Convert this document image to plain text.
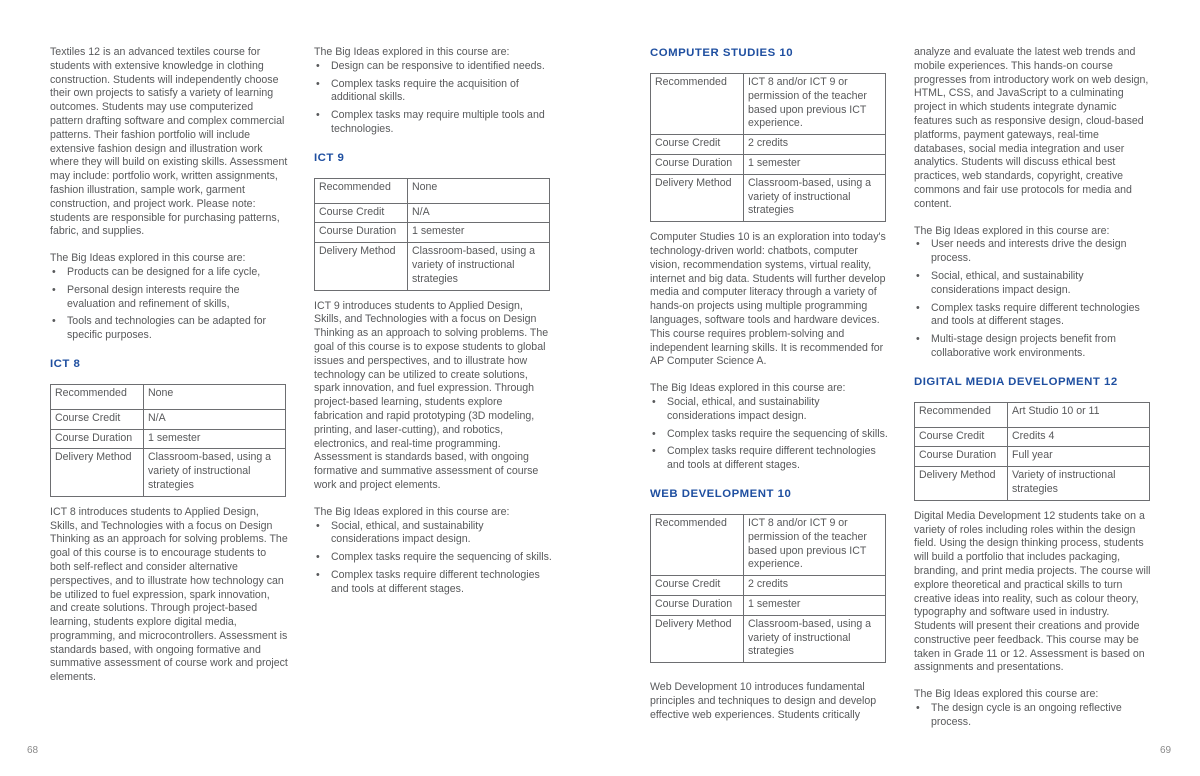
Textiles 12 is an advanced textiles course for students with extensive knowledge in clothing construction. Students will independently choose their own projects to satisfy a variety of learning outcomes. Students may use computerized pattern drafting software and complex commercial patterns. Their fashion portfolio will include extensive fashion design and illustration work where they will build on existing skills. Assessment may include: portfolio work, written assignments, fashion illustration, sample work, garment construction, and project work. Please note: students are responsible for purchasing patterns, fabric, and supplies.

The Big Ideas explored in this course are:

• Products can be designed for a life cycle,
• Personal design interests require the evaluation and refinement of skills,
• Tools and technologies can be adapted for specific purposes.
ICT 8
Recommended	None
Course Credit	N/A
Course Duration	1 semester
Delivery Method	Classroom-based, using a variety of instructional strategies

ICT 8 introduces students to Applied Design, Skills, and Technologies with a focus on Design Thinking as an approach for solving problems. The goal of this course is to encourage students to both self-reflect and consider alternative perspectives, and to illustrate how technology can be utilized to fuel expression, spark innovation, and create solutions. Through project-based learning, students explore digital media, programming, and microcontrollers. Assessment is standards based, with ongoing formative and summative assessment of course work and project elements.

The Big Ideas explored in this course are:

• Design can be responsive to identified needs.
• Complex tasks require the acquisition of additional skills.
• Complex tasks may require multiple tools and technologies.
ICT 9
Recommended	None
Course Credit	N/A
Course Duration	1 semester
Delivery Method	Classroom-based, using a variety of instructional strategies

ICT 9 introduces students to Applied Design, Skills, and Technologies with a focus on Design Thinking as an approach to solving problems. The goal of this course is to expose students to global issues and perspectives, and to illustrate how technology can be utilized to create solutions, spark innovation, and fuel expression. Through project-based learning, students explore fabrication and rapid prototyping (3D modeling, printing, and laser-cutting), and robotics, electronics, and real-time programming. Assessment is standards based, with ongoing formative and summative assessment of course work and project elements.

The Big Ideas explored in this course are:

• Social, ethical, and sustainability considerations impact design.
• Complex tasks require the sequencing of skills.
• Complex tasks require different technologies and tools at different stages.
COMPUTER STUDIES 10
Recommended	ICT 8 and/or ICT 9 or permission of the teacher based upon previous ICT experience.
Course Credit	2 credits
Course Duration	1 semester
Delivery Method	Classroom-based, using a variety of instructional strategies

Computer Studies 10 is an exploration into today's technology-driven world: chatbots, computer vision, recommendation systems, virtual reality, internet and big data. Students will further develop media and computer literacy through a variety of hands-on projects using multiple programming languages, software tools and hardware devices. This course requires problem-solving and independent learning skills. It is recommended for AP Computer Science A.

The Big Ideas explored in this course are:

• Social, ethical, and sustainability considerations impact design.
• Complex tasks require the sequencing of skills.
• Complex tasks require different technologies and tools at different stages.
WEB DEVELOPMENT 10
Recommended	ICT 8 and/or ICT 9 or permission of the teacher based upon previous ICT experience.
Course Credit	2 credits
Course Duration	1 semester
Delivery Method	Classroom-based, using a variety of instructional strategies

Web Development 10 introduces fundamental principles and techniques to design and develop effective web experiences. Students critically

analyze and evaluate the latest web trends and mobile experiences. This hands-on course progresses from introductory work on web design, HTML, CSS, and JavaScript to a culminating project in which students integrate dynamic features such as responsive design, cloud-based platforms, payment gateways, real-time databases, social media integration and user analytics. Students will discuss ethical best practices, web standards, copyright, creative commons and fair use protocols for media and content.

The Big Ideas explored in this course are:

• User needs and interests drive the design process.
• Social, ethical, and sustainability considerations impact design.
• Complex tasks require different technologies and tools at different stages.
• Multi-stage design projects benefit from collaborative work environments.
DIGITAL MEDIA DEVELOPMENT 12
Recommended	Art Studio 10 or 11
Course Credit	Credits 4
Course Duration	Full year
Delivery Method	Variety of instructional strategies

Digital Media Development 12 students take on a variety of roles including roles within the design field. Using the design thinking process, students will build a portfolio that includes packaging, branding, and print media projects. The course will explore theoretical and practical skills to turn creative ideas into reality, such as colour theory, typography and software used in industry. Students will present their creations and provide constructive peer feedback. This course may be taken in Grade 11 or 12. Assessment is based on assignments and presentations.

The Big Ideas explored this course are:

• The design cycle is an ongoing reflective process.
68	69
